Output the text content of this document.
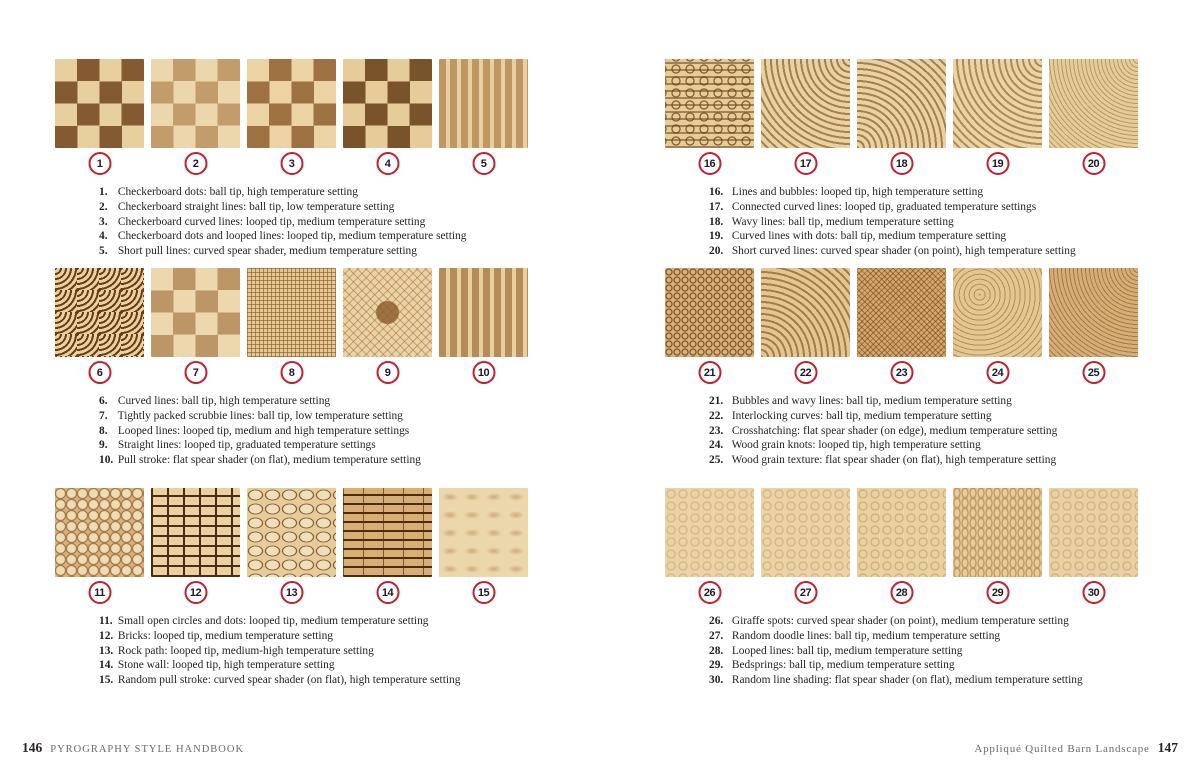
1	2	3	4	5
1. Checkerboard dots: ball tip, high temperature setting
2. Checkerboard straight lines: ball tip, low temperature setting
3. Checkerboard curved lines: looped tip, medium temperature setting
4. Checkerboard dots and looped lines: looped tip, medium temperature setting
5. Short pull lines: curved spear shader, medium temperature setting
6	7	8	9	10
6. Curved lines: ball tip, high temperature setting
7. Tightly packed scrubbie lines: ball tip, low temperature setting
8. Looped lines: looped tip, medium and high temperature settings
9. Straight lines: looped tip, graduated temperature settings
10. Pull stroke: flat spear shader (on flat), medium temperature setting
11	12	13	14	15
11. Small open circles and dots: looped tip, medium temperature setting
12. Bricks: looped tip, medium temperature setting
13. Rock path: looped tip, medium-high temperature setting
14. Stone wall: looped tip, high temperature setting
15. Random pull stroke: curved spear shader (on flat), high temperature setting
146 PYROGRAPHY STYLE HANDBOOK
16	17	18	19	20
16. Lines and bubbles: looped tip, high temperature setting
17. Connected curved lines: looped tip, graduated temperature settings
18. Wavy lines: ball tip, medium temperature setting
19. Curved lines with dots: ball tip, medium temperature setting
20. Short curved lines: curved spear shader (on point), high temperature setting
21	22	23	24	25
21. Bubbles and wavy lines: ball tip, medium temperature setting
22. Interlocking curves: ball tip, medium temperature setting
23. Crosshatching: flat spear shader (on edge), medium temperature setting
24. Wood grain knots: looped tip, high temperature setting
25. Wood grain texture: flat spear shader (on flat), high temperature setting
26	27	28	29	30
26. Giraffe spots: curved spear shader (on point), medium temperature setting
27. Random doodle lines: ball tip, medium temperature setting
28. Looped lines: ball tip, medium temperature setting
29. Bedsprings: ball tip, medium temperature setting
30. Random line shading: flat spear shader (on flat), medium temperature setting
Appliqué Quilted Barn Landscape 147
